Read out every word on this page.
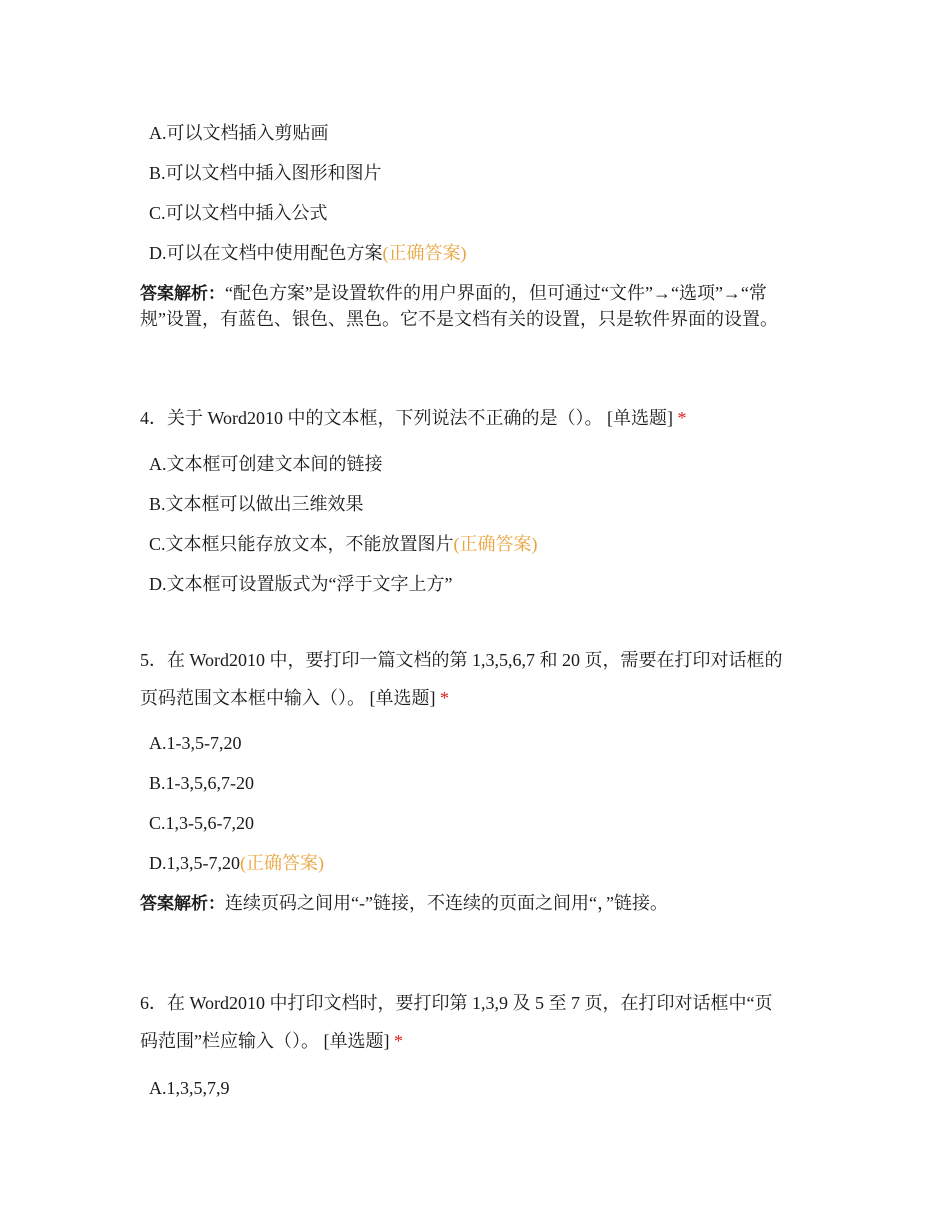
A.可以文档插入剪贴画
B.可以文档中插入图形和图片
C.可以文档中插入公式
D.可以在文档中使用配色方案(正确答案)
答案解析：“配色方案”是设置软件的用户界面的，但可通过“文件”→“选项”→“常
规”设置，有蓝色、银色、黑色。它不是文档有关的设置，只是软件界面的设置。
4．关于 Word2010 中的文本框，下列说法不正确的是（）。 [单选题] *
A.文本框可创建文本间的链接
B.文本框可以做出三维效果
C.文本框只能存放文本，不能放置图片(正确答案)
D.文本框可设置版式为“浮于文字上方”
5．在 Word2010 中，要打印一篇文档的第 1,3,5,6,7 和 20 页，需要在打印对话框的
页码范围文本框中输入（）。 [单选题] *
A.1-3,5-7,20
B.1-3,5,6,7-20
C.1,3-5,6-7,20
D.1,3,5-7,20(正确答案)
答案解析：连续页码之间用“-”链接，不连续的页面之间用“，”链接。
6．在 Word2010 中打印文档时，要打印第 1,3,9 及 5 至 7 页，在打印对话框中“页
码范围”栏应输入（）。 [单选题] *
A.1,3,5,7,9
